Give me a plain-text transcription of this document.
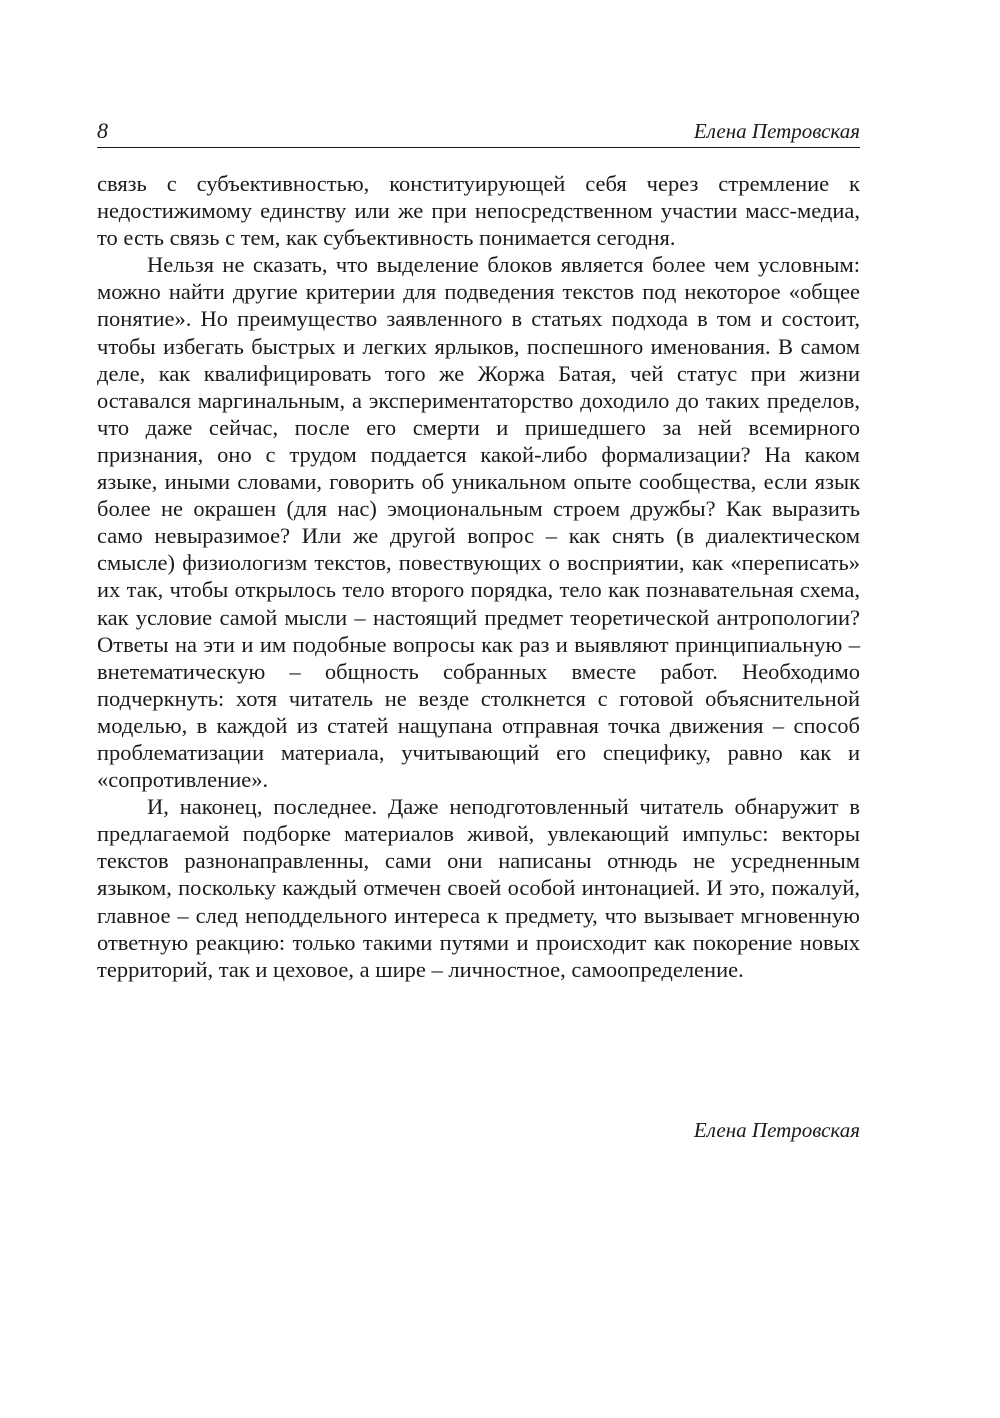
8	Елена Петровская

связь с субъективностью, конституирующей себя через стремление к недостижимому единству или же при непосредственном участии масс-медиа, то есть связь с тем, как субъективность понимается сегодня.

Нельзя не сказать, что выделение блоков является более чем условным: можно найти другие критерии для подведения текстов под некоторое «общее понятие». Но преимущество заявленного в статьях подхода в том и состоит, чтобы избегать быстрых и легких ярлыков, поспешного именования. В самом деле, как квалифицировать того же Жоржа Батая, чей статус при жизни оставался маргинальным, а экспериментаторство доходило до таких пределов, что даже сейчас, после его смерти и пришедшего за ней всемирного признания, оно с трудом поддается какой-либо формализации? На каком языке, иными словами, говорить об уникальном опыте сообщества, если язык более не окрашен (для нас) эмоциональным строем дружбы? Как выразить само невыразимое? Или же другой вопрос – как снять (в диалектическом смысле) физиологизм текстов, повествующих о восприятии, как «переписать» их так, чтобы открылось тело второго порядка, тело как познавательная схема, как условие самой мысли – настоящий предмет теоретической антропологии? Ответы на эти и им подобные вопросы как раз и выявляют принципиальную – внетематическую – общность собранных вместе работ. Необходимо подчеркнуть: хотя читатель не везде столкнется с готовой объяснительной моделью, в каждой из статей нащупана отправная точка движения – способ проблематизации материала, учитывающий его специфику, равно как и «сопротивление».

И, наконец, последнее. Даже неподготовленный читатель обнаружит в предлагаемой подборке материалов живой, увлекающий импульс: векторы текстов разнонаправленны, сами они написаны отнюдь не усредненным языком, поскольку каждый отмечен своей особой интонацией. И это, пожалуй, главное – след неподдельного интереса к предмету, что вызывает мгновенную ответную реакцию: только такими путями и происходит как покорение новых территорий, так и цеховое, а шире – личностное, самоопределение.

Елена Петровская
